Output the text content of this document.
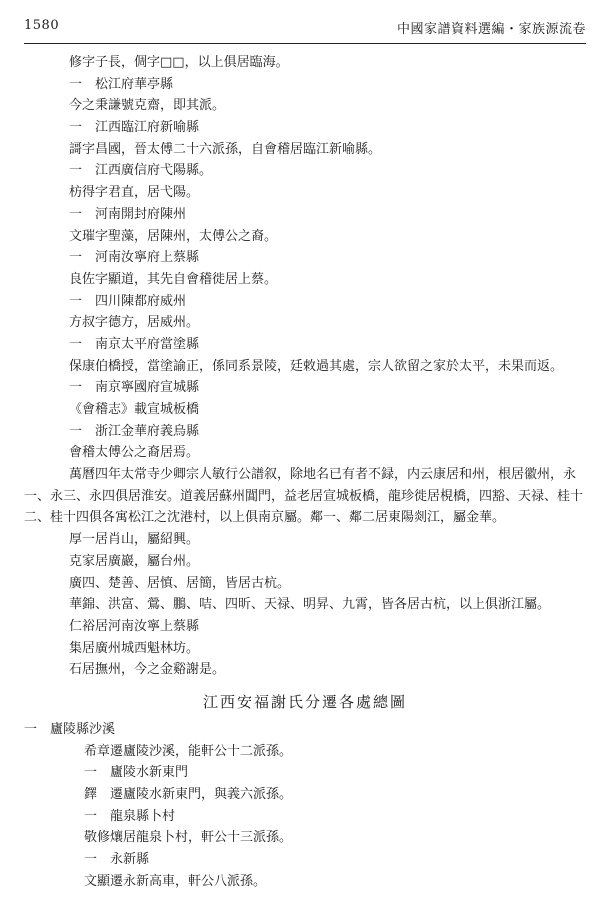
1580	中國家譜資料選編・家族源流卷
修字子長，倜字□□，以上俱居臨海。
一　松江府華亭縣
今之秉謙號克齋，即其派。
一　江西臨江府新喻縣
謌字昌國，晉太傅二十六派孫，自會稽居臨江新喻縣。
一　江西廣信府弋陽縣。
枋得字君直，居弋陽。
一　河南開封府陳州
文璀字聖藻，居陳州，太傅公之裔。
一　河南汝寧府上蔡縣
良佐字顯道，其先自會稽徙居上蔡。
一　四川陳都府威州
方叔字德方，居威州。
一　南京太平府當塗縣
保康伯橋授，當塗諭正，係同系景陵，廷敕過其處，宗人欲留之家於太平，未果而返。
一　南京寧國府宣城縣
《會稽志》載宣城板橋
一　浙江金華府義烏縣
會稽太傅公之裔居焉。
萬曆四年太常寺少卿宗人敏行公譜叙，除地名已有者不録，内云康居和州，根居徽州，永
一、永三、永四俱居淮安。道義居蘇州閶門，益老居宣城板橋，龍珍徙居梘橋，四豁、天禄、桂十
二、桂十四俱各寓松江之沈港村，以上俱南京屬。鄰一、鄰二居東陽剡江，屬金華。
厚一居肖山，屬紹興。
克家居廣巖，屬台州。
廣四、楚善、居慎、居簡，皆居古杭。
華錦、洪富、鶯、鵬、咭、四昕、天禄、明昇、九霄，皆各居古杭，以上俱浙江屬。
仁裕居河南汝寧上蔡縣
集居廣州城西魁林坊。
石居撫州，今之金谿謝是。
江西安福謝氏分遷各處總圖
一　廬陵縣沙溪
希章遷廬陵沙溪，能軒公十二派孫。
一　廬陵水新東門
鐸　遷廬陵水新東門，與義六派孫。
一　龍泉縣卜村
敬修爙居龍泉卜村，軒公十三派孫。
一　永新縣
文顯遷永新高車，軒公八派孫。
